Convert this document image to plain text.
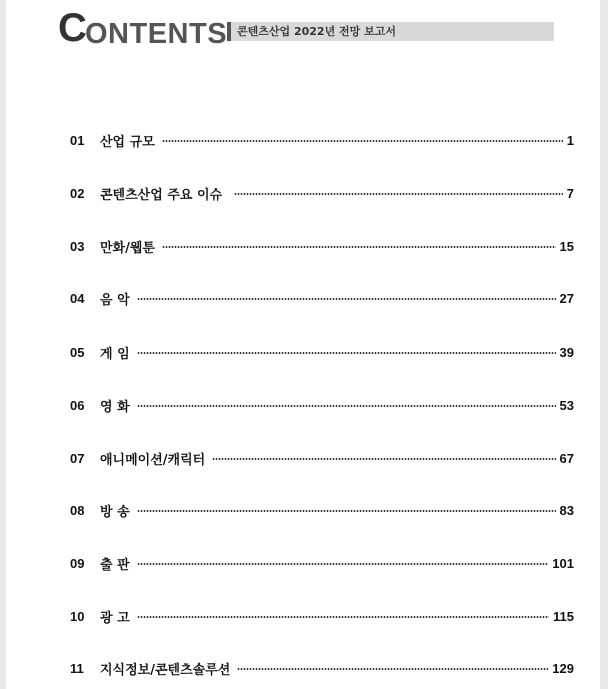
C
ONTENTS 콘텐츠산업 2022년 전망 보고서
01	산업 규모	1
02	콘텐츠산업 주요 이슈	7
03	만화/웹툰	15
04	음 악	27
05	게 임	39
06	영 화	53
07	애니메이션/캐릭터	67
08	방 송	83
09	출 판	101
10	광 고	115
11	지식정보/콘텐츠솔루션	129
